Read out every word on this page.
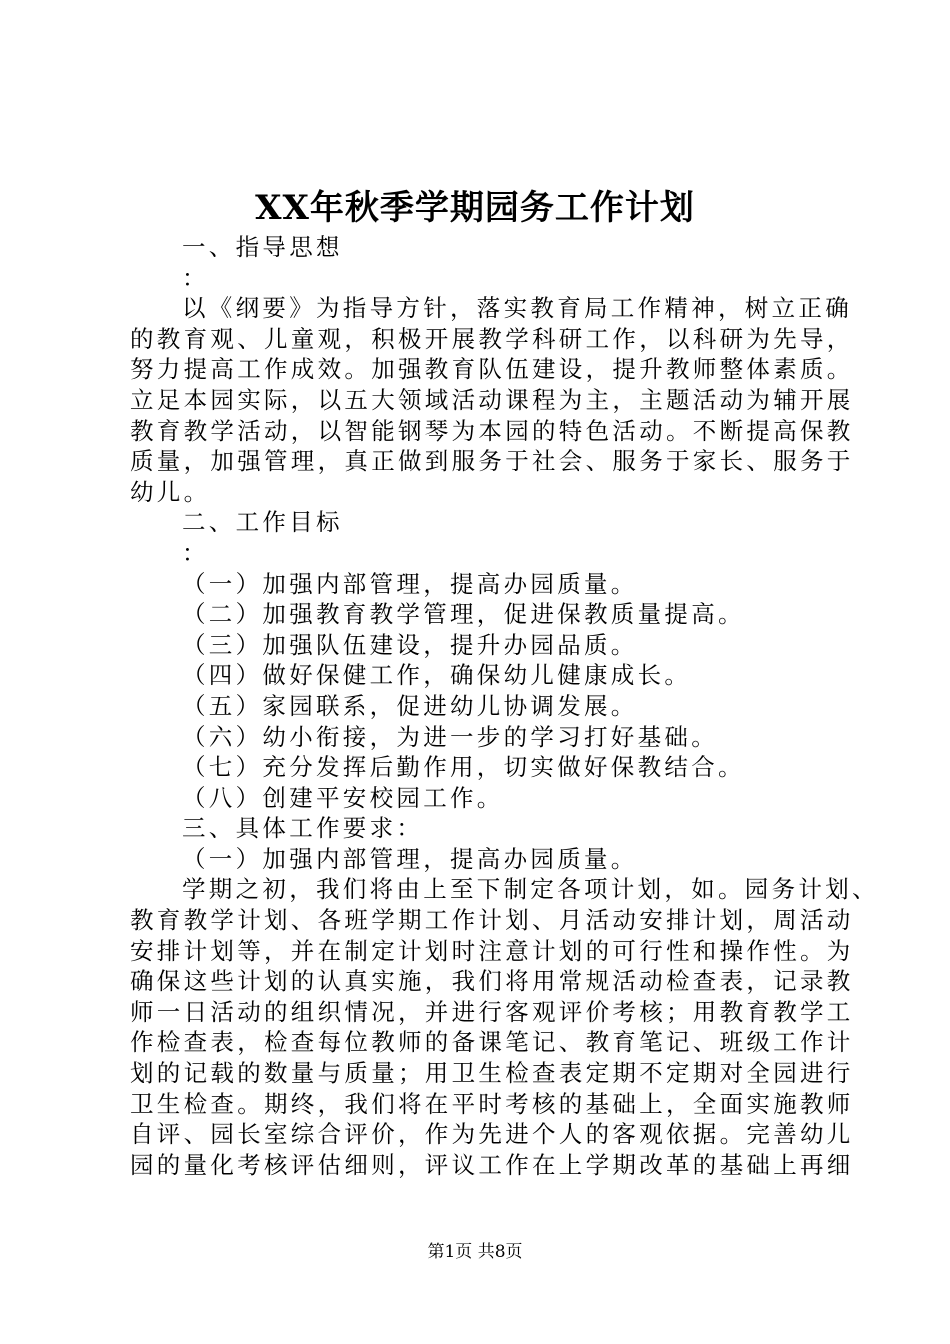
XX年秋季学期园务工作计划
一、指导思想
：
以《纲要》为指导方针，落实教育局工作精神，树立正确
的教育观、儿童观，积极开展教学科研工作，以科研为先导，
努力提高工作成效。加强教育队伍建设，提升教师整体素质。
立足本园实际，以五大领域活动课程为主，主题活动为辅开展
教育教学活动，以智能钢琴为本园的特色活动。不断提高保教
质量，加强管理，真正做到服务于社会、服务于家长、服务于
幼儿。
二、工作目标
：
（一）加强内部管理，提高办园质量。
（二）加强教育教学管理，促进保教质量提高。
（三）加强队伍建设，提升办园品质。
（四）做好保健工作，确保幼儿健康成长。
（五）家园联系，促进幼儿协调发展。
（六）幼小衔接，为进一步的学习打好基础。
（七）充分发挥后勤作用，切实做好保教结合。
（八）创建平安校园工作。
三、具体工作要求：
（一）加强内部管理，提高办园质量。
学期之初，我们将由上至下制定各项计划，如。园务计划、
教育教学计划、各班学期工作计划、月活动安排计划，周活动
安排计划等，并在制定计划时注意计划的可行性和操作性。为
确保这些计划的认真实施，我们将用常规活动检查表，记录教
师一日活动的组织情况，并进行客观评价考核；用教育教学工
作检查表，检查每位教师的备课笔记、教育笔记、班级工作计
划的记载的数量与质量；用卫生检查表定期不定期对全园进行
卫生检查。期终，我们将在平时考核的基础上，全面实施教师
自评、园长室综合评价，作为先进个人的客观依据。完善幼儿
园的量化考核评估细则，评议工作在上学期改革的基础上再细
第1页 共8页
